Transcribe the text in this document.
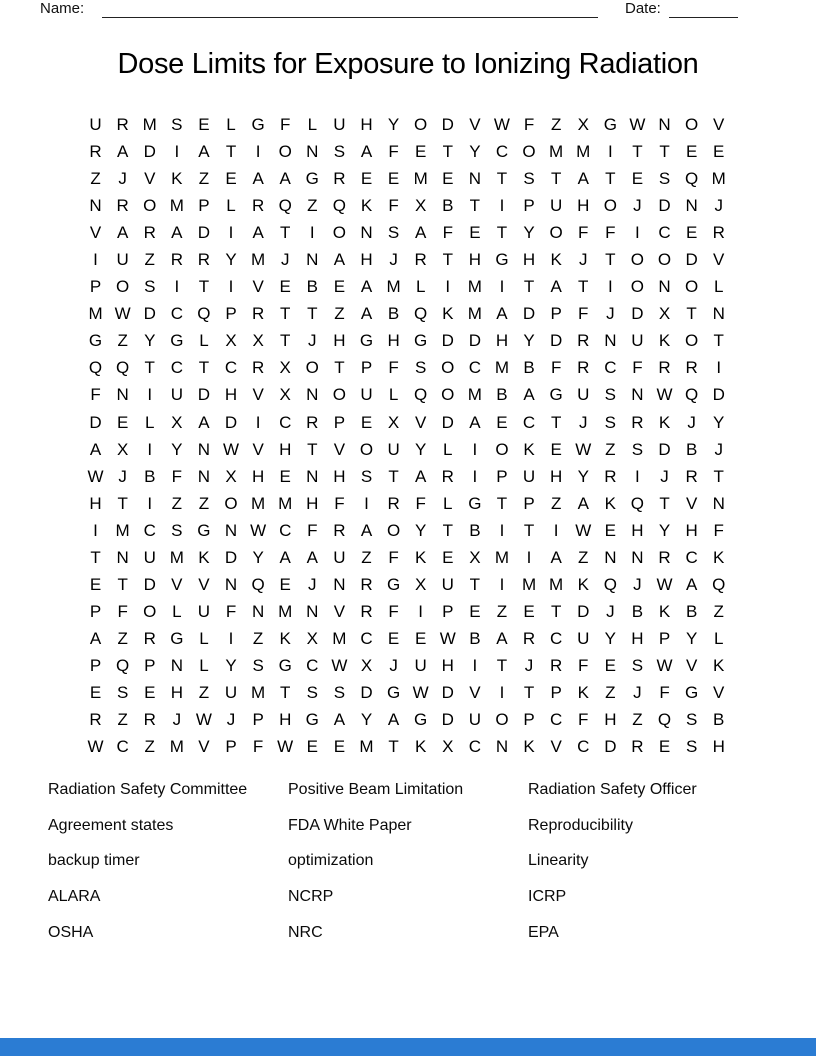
Name:	Date:
Dose Limits for Exposure to Ionizing Radiation
U R M S E L G F	L U H Y O D V W F Z X G W N O V
R A D	I	A T	I	O N S A F E T Y C O M M	I	T T E E
Z	J	V K Z E A A G R E E M E N T S T A T E S Q M
N R O M P L R Q Z Q K F X B T	I	P U H O J D N J
V A R A D	I	A T	I	O N S A F E T Y O F F	I	C E R
I	U Z R R Y M J N A H J R T H G H K	J	T O O D V
P O S	I	T	I	V E B E A M L	I	M	I	T A T	I	O N O L
M W D C Q P R T T Z A B Q K M A D P F	J D X T N
G Z Y G L X X T	J H G H G D D H Y D R N U K O T
Q Q T C T C R X O T P F S O C M B F R C F R R	I
F N	I	U D H V X N O U L Q O M B A G U S N W Q D
D E L X A D	I	C R P E X V D A E C T	J	S R K	J	Y
A X	I	Y N W V H T V O U Y L	I	O K E W Z S D B	J
W J	B F N X H E N H S T A R	I	P U H Y R	I	J R T
H T	I	Z Z O M M H F	I	R F	L G T P Z A K Q T V N
I	M C S G N W C F R A O Y T B	I	T	I W E H Y H F
T N U M K D Y A A U Z F K E X M	I	A Z N N R C K
E T D V V N Q E	J N R G X U T	I	M M K Q J W A Q
P F O L U F N M N V R F	I	P E Z E T D J	B K B Z
A Z R G L	I	Z K X M C E E W B A R C U Y H P Y L
P Q P N L Y S G C W X	J U H	I	T	J R F E S W V K
E S E H Z U M T S S D G W D V	I	T P K Z	J	F G V
R Z R J W J	P H G A Y A G D U O P C F H Z Q S B
W C Z M V P F W E E M T K X C N K V C D R E S H
Radiation Safety Committee
Agreement states
backup timer
ALARA
OSHA
Positive Beam Limitation
FDA White Paper
optimization
NCRP
NRC
Radiation Safety Officer
Reproducibility
Linearity
ICRP
EPA
